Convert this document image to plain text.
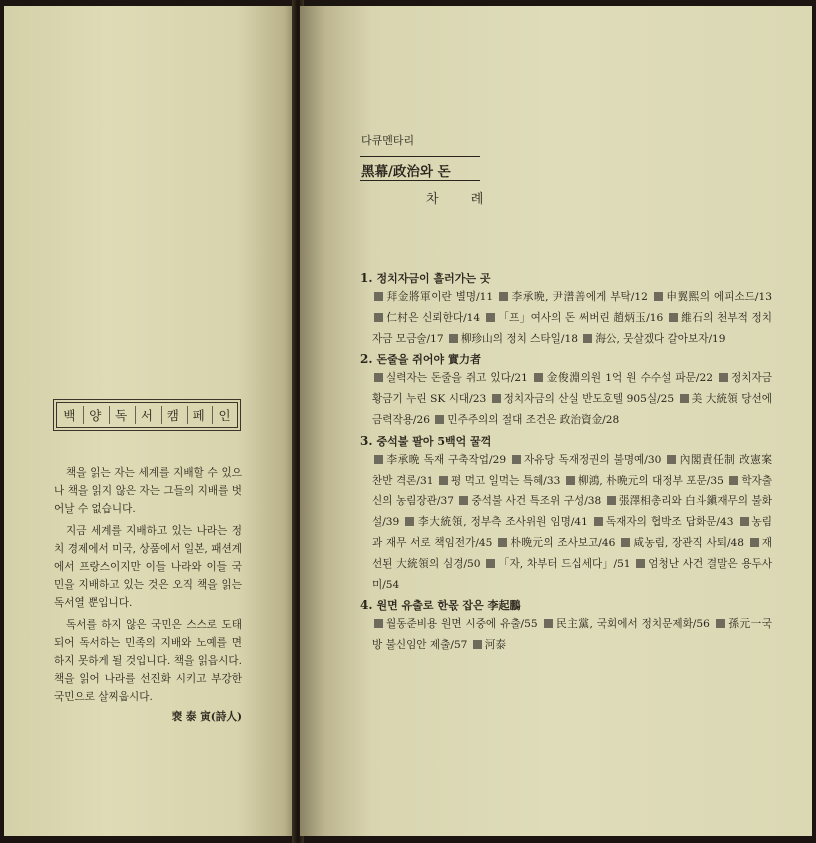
백	양	독	서	캠	페	인

책을 읽는 자는 세계를 지배할 수 있으나 책을 읽지 않은 자는 그들의 지배를 벗어날 수 없습니다.

지금 세계를 지배하고 있는 나라는 정치 경제에서 미국, 상품에서 일본, 패션계에서 프랑스이지만 이들 나라와 이들 국민을 지배하고 있는 것은 오직 책을 읽는 독서열 뿐입니다.

독서를 하지 않은 국민은 스스로 도태되어 독서하는 민족의 지배와 노예를 면하지 못하게 될 것입니다. 책을 읽읍시다. 책을 읽어 나라를 선진화 시키고 부강한 국민으로 살찌웁시다.

裵 泰 寅(詩人)
다큐멘타리
黑幕/政治와 돈
차 례
1. 정치자금이 흘러가는 곳
拜金將軍이란 별명/11 李承晩, 尹潽善에게 부탁/12 申翼熙의 에피소드/13 仁村은 신뢰한다/14 「프」여사의 돈 써버린 趙炳玉/16 維石의 천부적 정치자금 모금술/17 柳珍山의 정치 스타일/18 海公, 뭇살겠다 갈아보자/19
2. 돈줄을 쥐어야 實力者
실력자는 돈줄을 쥐고 있다/21 金俊淵의원 1억 원 수수설 파문/22 정치자금 황금기 누린 SK 시대/23 정치자금의 산실 반도호텔 905실/25 美 大統領 당선에 금력작용/26 민주주의의 절대 조건은 政治資金/28
3. 중석불 팔아 5백억 꿀꺽
李承晩 독재 구축작업/29 자유당 독재정권의 불명예/30 內閣責任制 改憲案 찬반 격론/31 평 먹고 일먹는 특혜/33 柳鴻, 朴晩元의 대정부 포문/35 학자출신의 농림장관/37 중석불 사건 특조위 구성/38 張澤相총리와 白斗鎭재무의 불화설/39 李大統領, 정부측 조사위원 임명/41 독재자의 협박조 답화문/43 농림과 재무 서로 책임전가/45 朴晩元의 조사보고/46 咸농림, 장관직 사퇴/48 재선된 大統領의 심경/50 「자, 차부터 드십세다」/51 엄청난 사건 결말은 용두사미/54
4. 원면 유출로 한몫 잡은 李起鵬
월동준비용 원면 시중에 유출/55 民主黨, 국회에서 정치문제화/56 孫元一국방 불신임안 제출/57 河泰
